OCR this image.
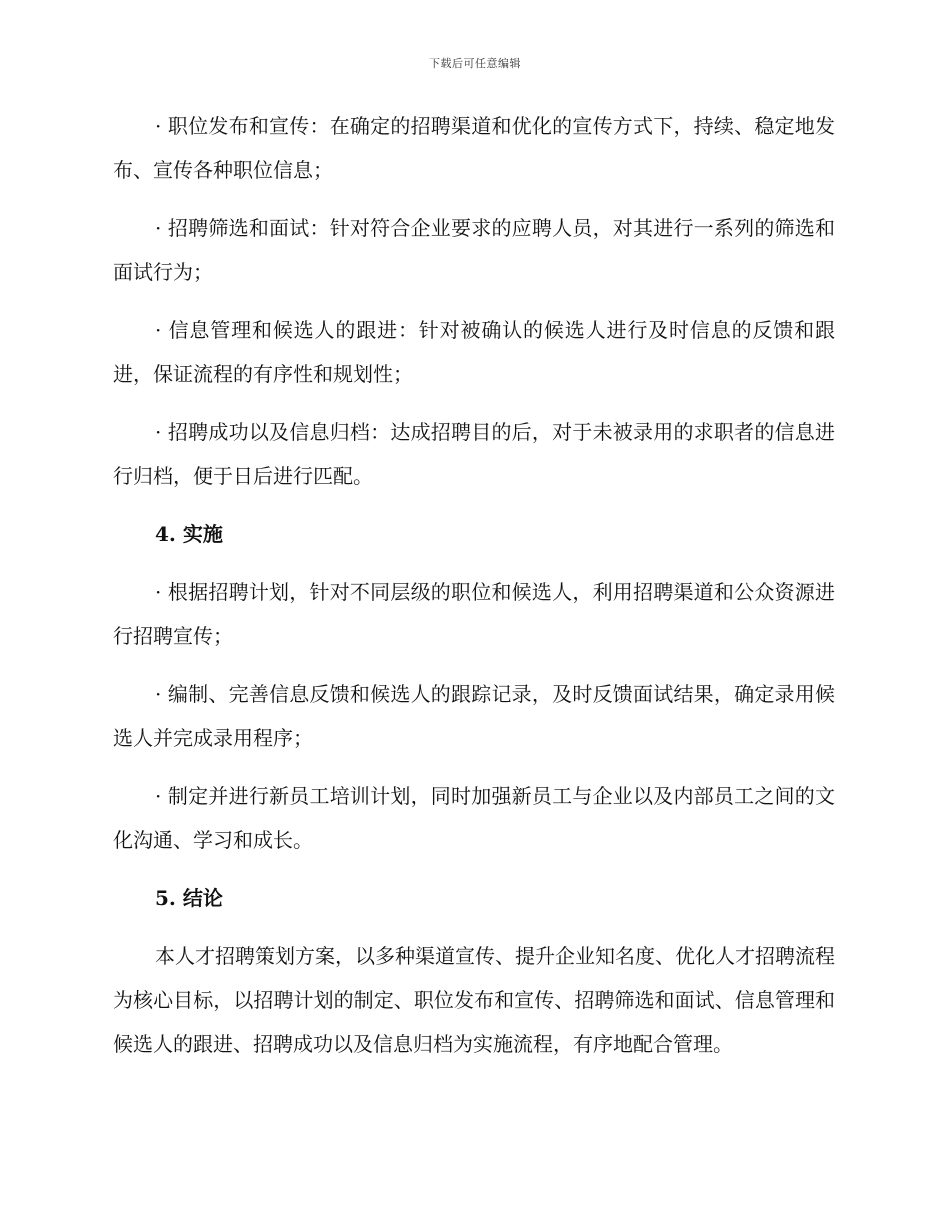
下载后可任意编辑

· 职位发布和宣传：在确定的招聘渠道和优化的宣传方式下，持续、稳定地发布、宣传各种职位信息；

· 招聘筛选和面试：针对符合企业要求的应聘人员，对其进行一系列的筛选和面试行为；

· 信息管理和候选人的跟进：针对被确认的候选人进行及时信息的反馈和跟进，保证流程的有序性和规划性；

· 招聘成功以及信息归档：达成招聘目的后，对于未被录用的求职者的信息进行归档，便于日后进行匹配。

4. 实施

· 根据招聘计划，针对不同层级的职位和候选人，利用招聘渠道和公众资源进行招聘宣传；

· 编制、完善信息反馈和候选人的跟踪记录，及时反馈面试结果，确定录用候选人并完成录用程序；

· 制定并进行新员工培训计划，同时加强新员工与企业以及内部员工之间的文化沟通、学习和成长。

5. 结论

本人才招聘策划方案，以多种渠道宣传、提升企业知名度、优化人才招聘流程为核心目标，以招聘计划的制定、职位发布和宣传、招聘筛选和面试、信息管理和候选人的跟进、招聘成功以及信息归档为实施流程，有序地配合管理。
